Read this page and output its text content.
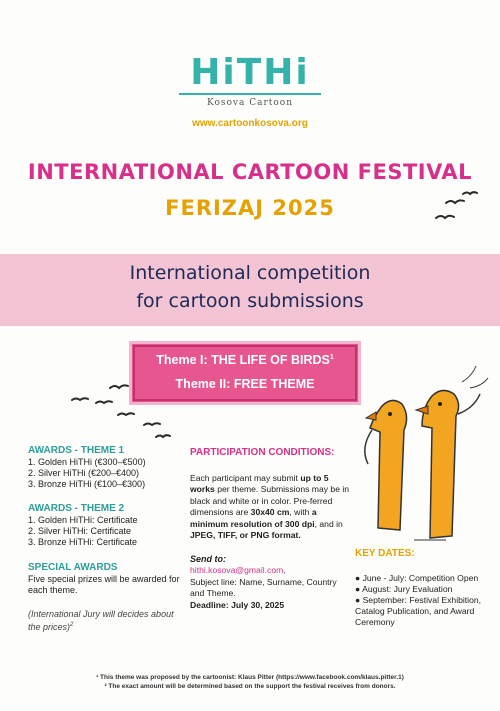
HiTHi
Kosova Cartoon
www.cartoonkosova.org
INTERNATIONAL CARTOON FESTIVAL
FERIZAJ 2025
International competition
for cartoon submissions
Theme I: THE LIFE OF BIRDS$^1$
Theme II: FREE THEME
AWARDS - THEME 1
1. Golden HiTHi (€300–€500)
2. Silver HiTHi (€200–€400)
3. Bronze HiTHi (€100–€300)
AWARDS - THEME 2
1. Golden HiTHi: Certificate
2. Silver HiTHi: Certificate
3. Bronze HiTHi: Certificate
SPECIAL AWARDS
Five special prizes will be awarded for each theme.
(International Jury will decides about the prices)$^2$
PARTICIPATION CONDITIONS:
Each participant may submit up to 5 works per theme. Submissions may be in black and white or in color. Pre-ferred dimensions are 30x40 cm, with a minimum resolution of 300 dpi, and in JPEG, TIFF, or PNG format.
Send to:
hithi.kosova@gmail.com,
Subject line: Name, Surname, Country and Theme.
Deadline: July 30, 2025
KEY DATES:
● June - July: Competition Open
● August: Jury Evaluation
● September: Festival Exhibition, Catalog Publication, and Award Ceremony
¹ This theme was proposed by the cartoonist: Klaus Pitter (https://www.facebook.com/klaus.pitter.1)
² The exact amount will be determined based on the support the festival receives from donors.
